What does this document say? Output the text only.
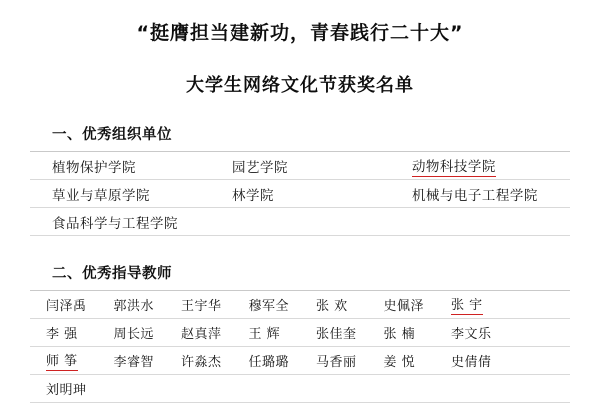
“挺膺担当建新功，青春践行二十大”
大学生网络文化节获奖名单
一、优秀组织单位
植物保护学院	园艺学院	动物科技学院
草业与草原学院	林学院	机械与电子工程学院
食品科学与工程学院
二、优秀指导教师
闫泽禹	郭洪水	王宇华	穆军全	张 欢	史佩泽	张 宇
李 强	周长远	赵真萍	王 辉	张佳奎	张 楠	李文乐
师 筝	李睿智	许淼杰	任璐璐	马香丽	姜 悦	史倩倩
刘明珅
